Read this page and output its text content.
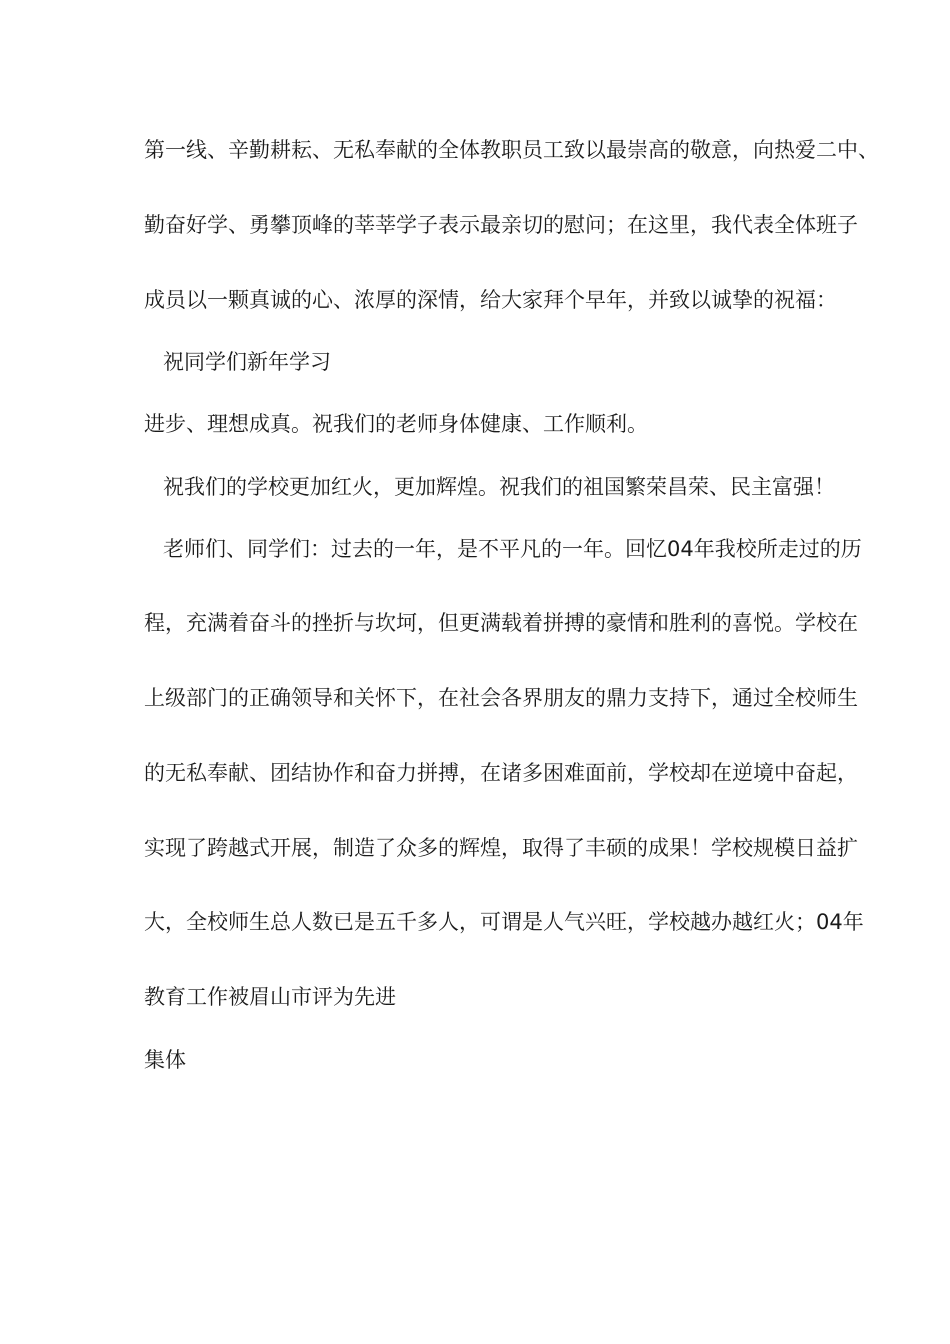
第一线、辛勤耕耘、无私奉献的全体教职员工致以最崇高的敬意，向热爱二中、
勤奋好学、勇攀顶峰的莘莘学子表示最亲切的慰问；在这里，我代表全体班子
成员以一颗真诚的心、浓厚的深情，给大家拜个早年，并致以诚挚的祝福：
祝同学们新年学习
进步、理想成真。祝我们的老师身体健康、工作顺利。
祝我们的学校更加红火，更加辉煌。祝我们的祖国繁荣昌荣、民主富强！
老师们、同学们：过去的一年，是不平凡的一年。回忆04年我校所走过的历
程，充满着奋斗的挫折与坎坷，但更满载着拼搏的豪情和胜利的喜悦。学校在
上级部门的正确领导和关怀下，在社会各界朋友的鼎力支持下，通过全校师生
的无私奉献、团结协作和奋力拼搏，在诸多困难面前，学校却在逆境中奋起，
实现了跨越式开展，制造了众多的辉煌，取得了丰硕的成果！学校规模日益扩
大，全校师生总人数已是五千多人，可谓是人气兴旺，学校越办越红火；04年
教育工作被眉山市评为先进
集体
